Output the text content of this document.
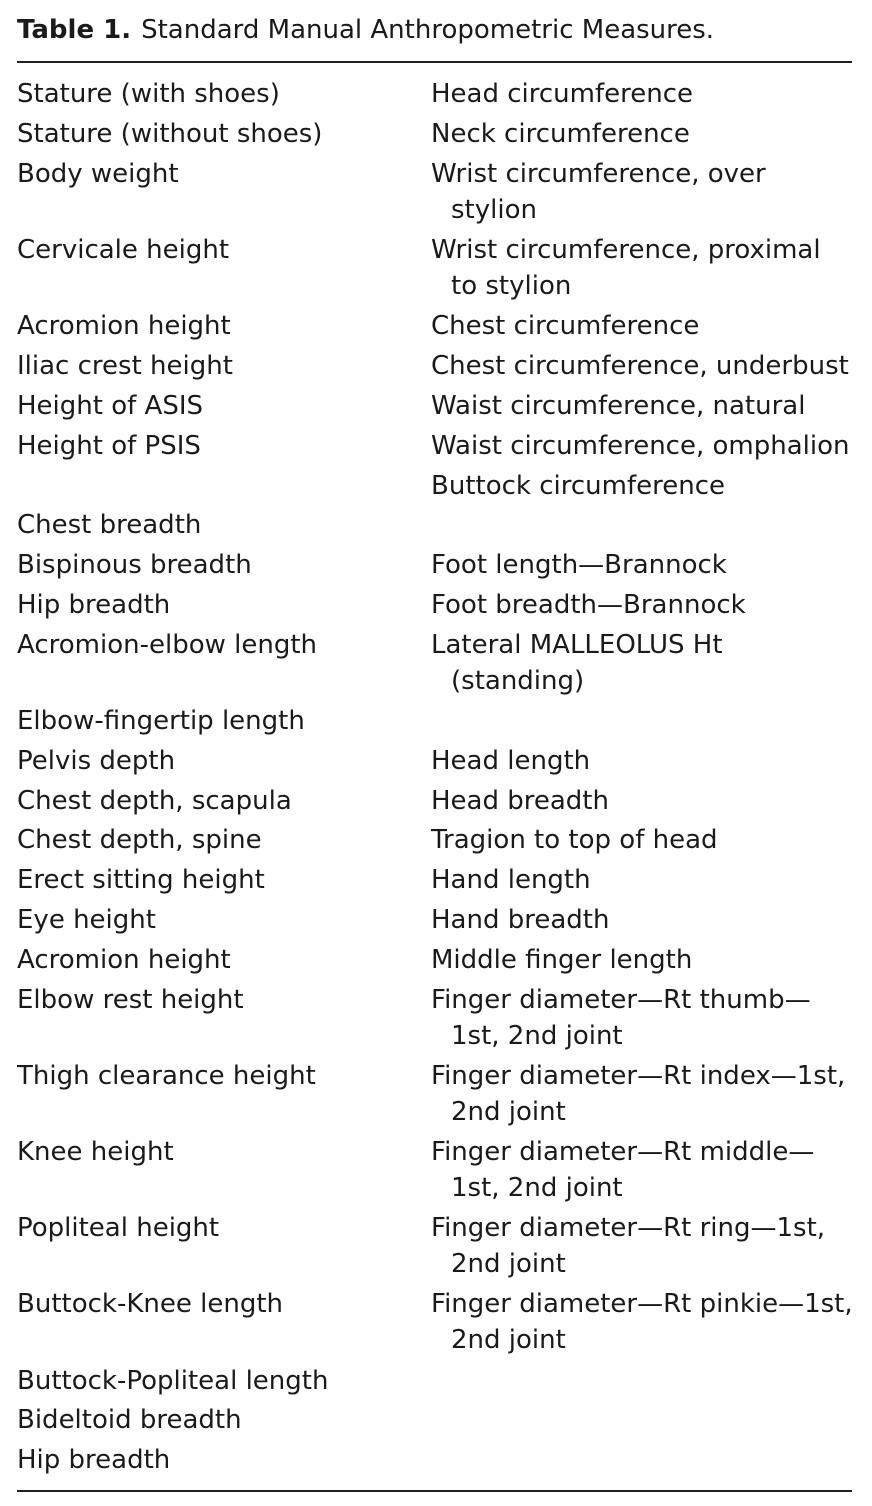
Table 1. Standard Manual Anthropometric Measures.
Stature (with shoes)
Stature (without shoes)
Body weight
Cervicale height
Acromion height
Iliac crest height
Height of ASIS
Height of PSIS
Chest breadth
Bispinous breadth
Hip breadth
Acromion-elbow length
Elbow-fingertip length
Pelvis depth
Chest depth, scapula
Chest depth, spine
Erect sitting height
Eye height
Acromion height
Elbow rest height
Thigh clearance height
Knee height
Popliteal height
Buttock-Knee length
Buttock-Popliteal length
Bideltoid breadth
Hip breadth
Head circumference
Neck circumference
Wrist circumference, over
stylion
Wrist circumference, proximal
to stylion
Chest circumference
Chest circumference, underbust
Waist circumference, natural
Waist circumference, omphalion
Buttock circumference
Foot length—Brannock
Foot breadth—Brannock
Lateral MALLEOLUS Ht
(standing)
Head length
Head breadth
Tragion to top of head
Hand length
Hand breadth
Middle finger length
Finger diameter—Rt thumb—
1st, 2nd joint
Finger diameter—Rt index—1st,
2nd joint
Finger diameter—Rt middle—
1st, 2nd joint
Finger diameter—Rt ring—1st,
2nd joint
Finger diameter—Rt pinkie—1st,
2nd joint
